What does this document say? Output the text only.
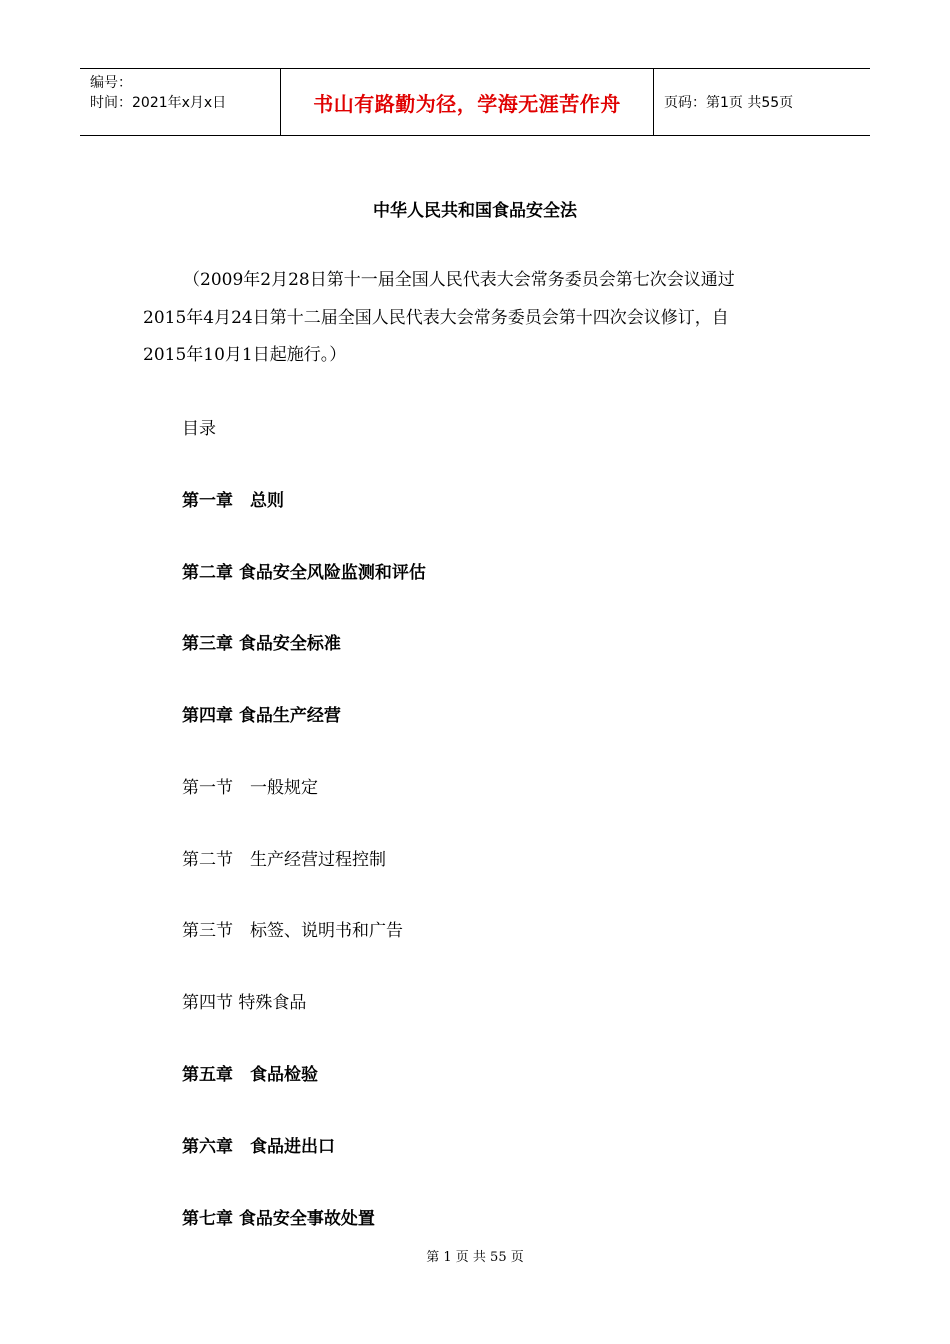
编号：
时间：2021年x月x日	书山有路勤为径，学海无涯苦作舟	页码：第1页 共55页
中华人民共和国食品安全法
（2009年2月28日第十一届全国人民代表大会常务委员会第七次会议通过
2015年4月24日第十二届全国人民代表大会常务委员会第十四次会议修订，自
2015年10月1日起施行。）
目录
第一章　总则
第二章 食品安全风险监测和评估
第三章 食品安全标准
第四章 食品生产经营
第一节　一般规定
第二节　生产经营过程控制
第三节　标签、说明书和广告
第四节 特殊食品
第五章　食品检验
第六章　食品进出口
第七章 食品安全事故处置
第 1 页 共 55 页
